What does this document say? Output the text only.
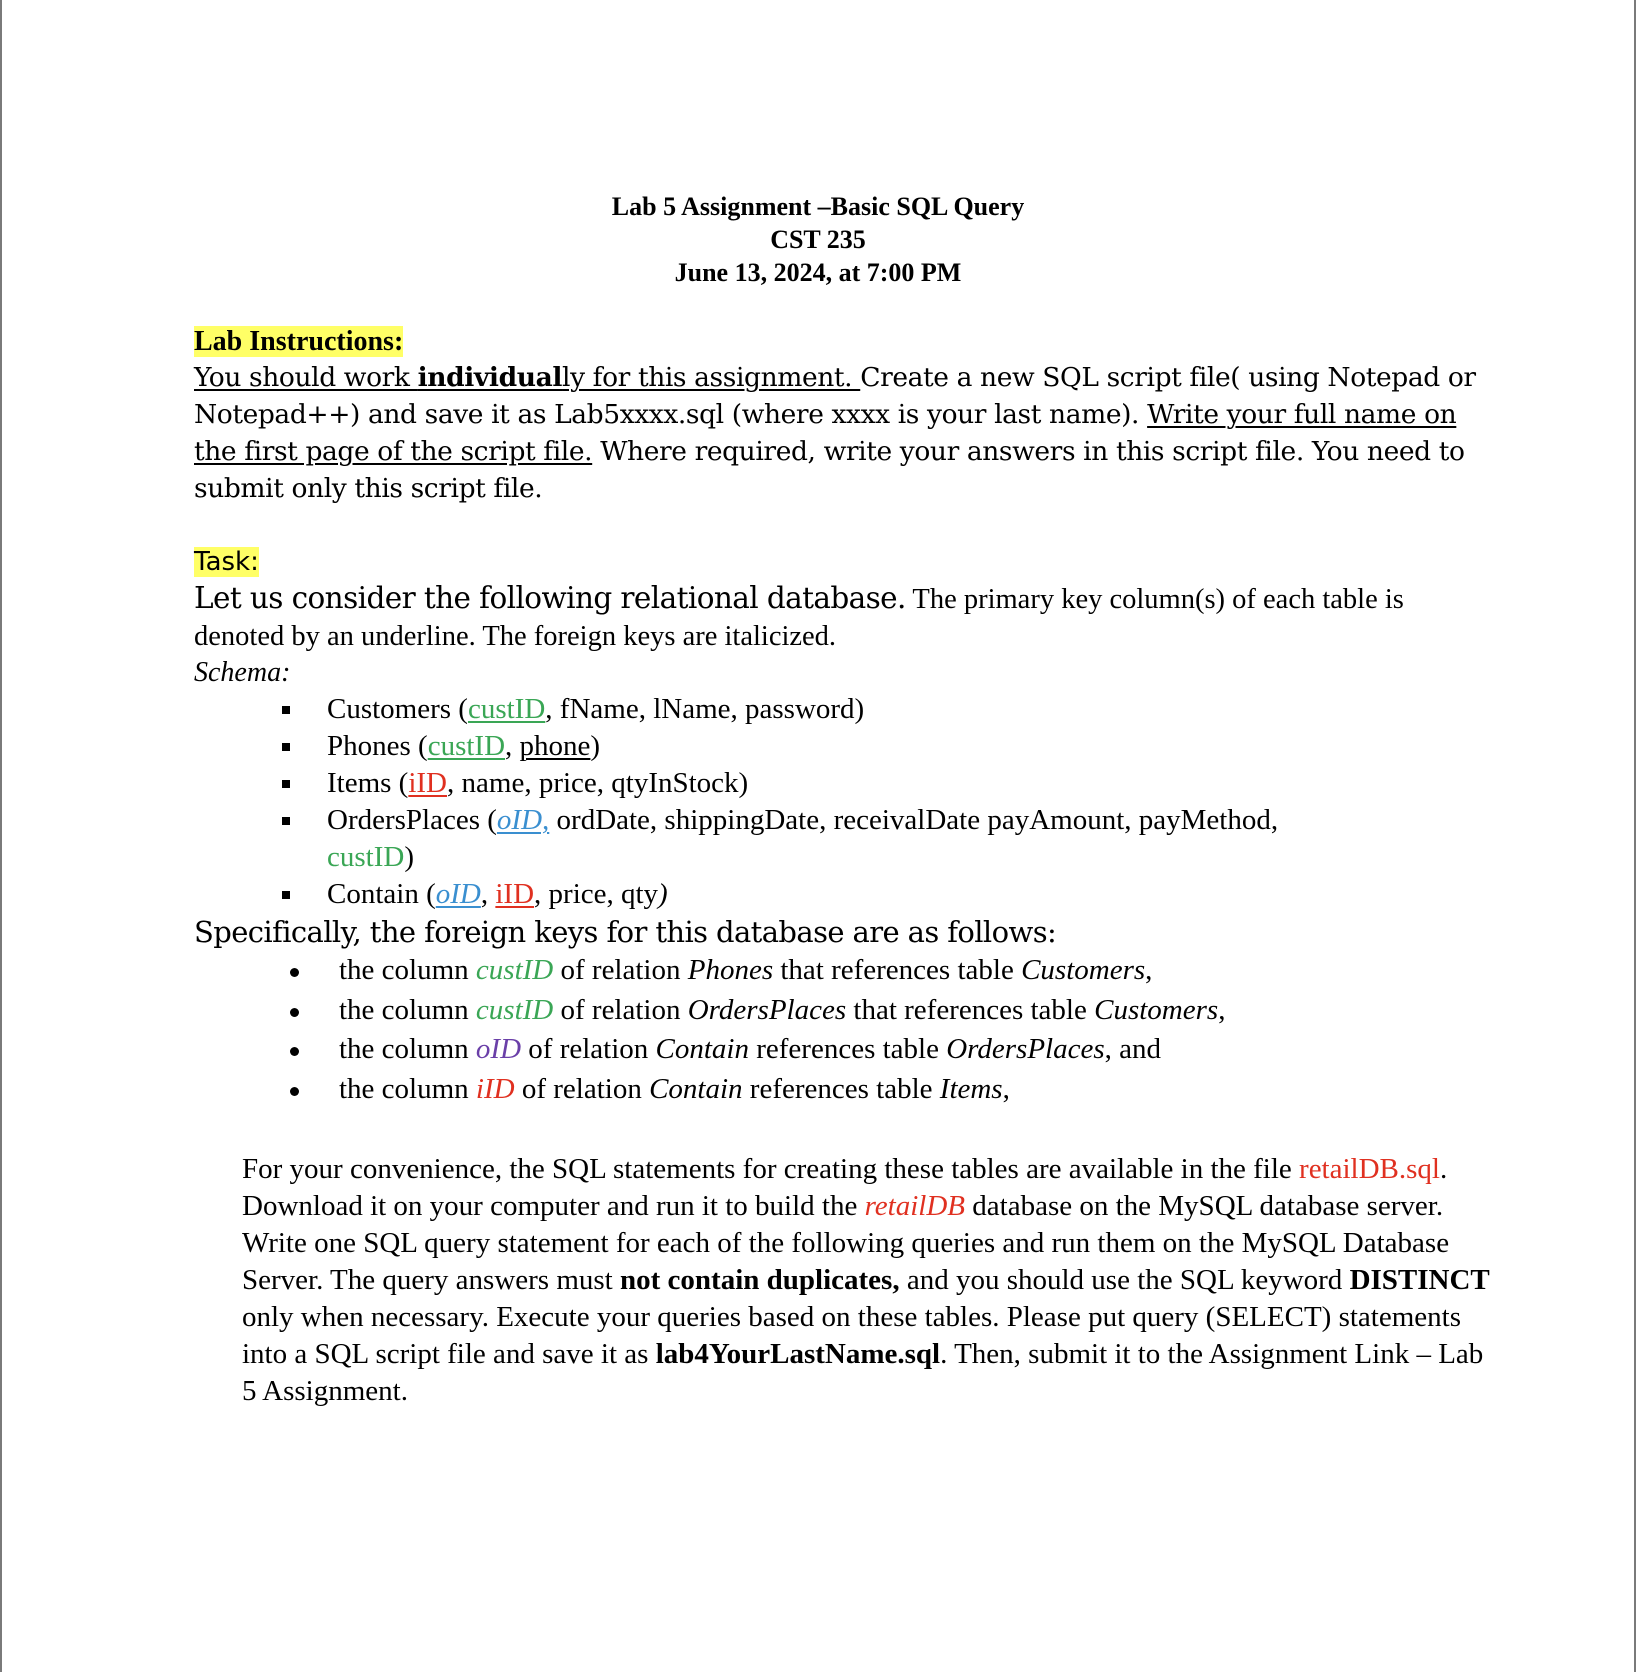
Lab 5 Assignment –Basic SQL Query
CST 235
June 13, 2024, at 7:00 PM
Lab Instructions:

You should work individually for this assignment. Create a new SQL script file( using Notepad or Notepad++) and save it as Lab5xxxx.sql (where xxxx is your last name). Write your full name on the first page of the script file. Where required, write your answers in this script file. You need to submit only this script file.

Task:
Let us consider the following relational database. The primary key column(s) of each table is denoted by an underline. The foreign keys are italicized.
Schema:
Customers (custID, fName, lName, password)
Phones (custID, phone)
Items (iID, name, price, qtyInStock)
OrdersPlaces (oID, ordDate, shippingDate, receivalDate payAmount, payMethod,
custID)
Contain (oID, iID, price, qty)
Specifically, the foreign keys for this database are as follows:
the column custID of relation Phones that references table Customers,
the column custID of relation OrdersPlaces that references table Customers,
the column oID of relation Contain references table OrdersPlaces, and
the column iID of relation Contain references table Items,

For your convenience, the SQL statements for creating these tables are available in the file retailDB.sql. Download it on your computer and run it to build the retailDB database on the MySQL database server. Write one SQL query statement for each of the following queries and run them on the MySQL Database Server. The query answers must not contain duplicates, and you should use the SQL keyword DISTINCT only when necessary. Execute your queries based on these tables. Please put query (SELECT) statements into a SQL script file and save it as lab4YourLastName.sql. Then, submit it to the Assignment Link – Lab 5 Assignment.
